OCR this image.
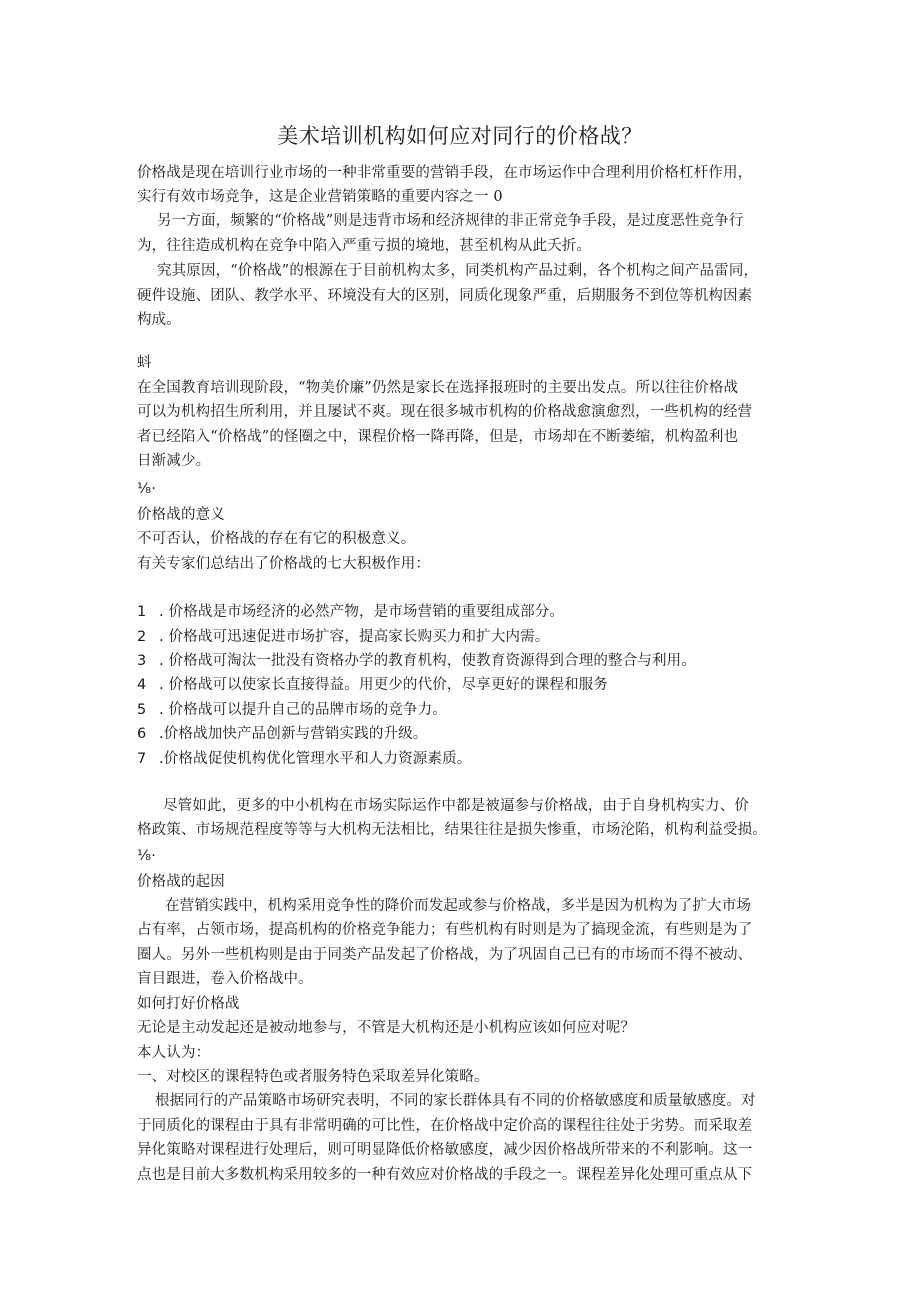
美术培训机构如何应对同行的价格战？
价格战是现在培训行业市场的一种非常重要的营销手段，在市场运作中合理利用价格杠杆作用，
实行有效市场竞争，这是企业营销策略的重要内容之一 0
另一方面，频繁的“价格战”则是违背市场和经济规律的非正常竞争手段，是过度恶性竞争行
为，往往造成机构在竞争中陷入严重亏损的境地，甚至机构从此夭折。
究其原因，“价格战”的根源在于目前机构太多，同类机构产品过剩，各个机构之间产品雷同，
硬件设施、团队、教学水平、环境没有大的区别，同质化现象严重，后期服务不到位等机构因素
构成。
蚪
在全国教育培训现阶段，“物美价廉”仍然是家长在选择报班时的主要出发点。所以往往价格战
可以为机构招生所利用，并且屡试不爽。现在很多城市机构的价格战愈演愈烈，一些机构的经营
者已经陷入“价格战”的怪圈之中，课程价格一降再降，但是，市场却在不断萎缩，机构盈利也
日渐减少。
⅛·
价格战的意义
不可否认，价格战的存在有它的积极意义。
有关专家们总结出了价格战的七大积极作用：
1 . 价格战是市场经济的必然产物，是市场营销的重要组成部分。
2 . 价格战可迅速促进市场扩容，提高家长购买力和扩大内需。
3 . 价格战可淘汰一批没有资格办学的教育机构，使教育资源得到合理的整合与利用。
4 . 价格战可以使家长直接得益。用更少的代价，尽享更好的课程和服务
5 . 价格战可以提升自己的品牌市场的竞争力。
6 .价格战加快产品创新与营销实践的升级。
7 .价格战促使机构优化管理水平和人力资源素质。
尽管如此，更多的中小机构在市场实际运作中都是被逼参与价格战，由于自身机构实力、价
格政策、市场规范程度等等与大机构无法相比，结果往往是损失惨重，市场沦陷，机构利益受损。
⅛·
价格战的起因
在营销实践中，机构采用竞争性的降价而发起或参与价格战，多半是因为机构为了扩大市场
占有率，占领市场，提高机构的价格竞争能力；有些机构有时则是为了搞现金流，有些则是为了
圈人。另外一些机构则是由于同类产品发起了价格战，为了巩固自己已有的市场而不得不被动、
盲目跟进，卷入价格战中。
如何打好价格战
无论是主动发起还是被动地参与，不管是大机构还是小机构应该如何应对呢？
本人认为：
一、对校区的课程特色或者服务特色采取差异化策略。
根据同行的产品策略市场研究表明，不同的家长群体具有不同的价格敏感度和质量敏感度。对
于同质化的课程由于具有非常明确的可比性，在价格战中定价高的课程往往处于劣势。而采取差
异化策略对课程进行处理后，则可明显降低价格敏感度，减少因价格战所带来的不利影响。这一
点也是目前大多数机构采用较多的一种有效应对价格战的手段之一。课程差异化处理可重点从下
